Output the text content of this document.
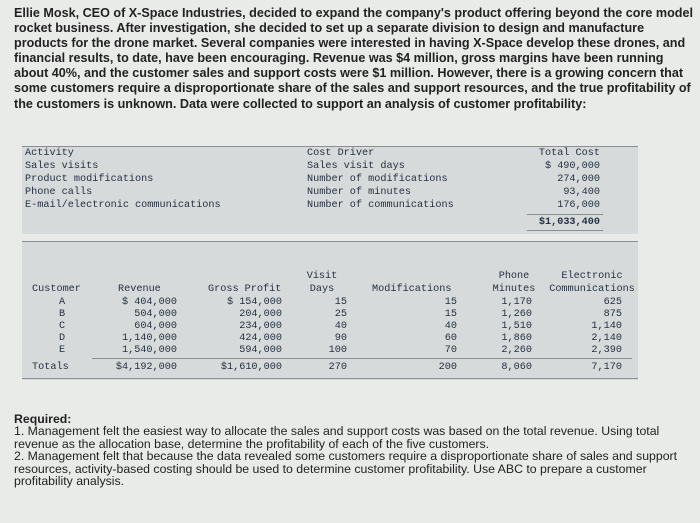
Ellie Mosk, CEO of X-Space Industries, decided to expand the company's product offering beyond the core model rocket business. After investigation, she decided to set up a separate division to design and manufacture products for the drone market. Several companies were interested in having X-Space develop these drones, and financial results, to date, have been encouraging. Revenue was $4 million, gross margins have been running about 40%, and the customer sales and support costs were $1 million. However, there is a growing concern that some customers require a disproportionate share of the sales and support resources, and the true profitability of the customers is unknown. Data were collected to support an analysis of customer profitability:
Activity	Cost Driver	Total Cost
Sales visits	Sales visit days	$ 490,000
Product modifications	Number of modifications	274,000
Phone calls	Number of minutes	93,400
E-mail/electronic communications	Number of communications	176,000
$1,033,400
Visit	Phone	Electronic
Customer	Revenue	Gross Profit	Days	Modifications	Minutes	Communications
A	$ 404,000	$ 154,000	15	15	1,170	625
B	504,000	204,000	25	15	1,260	875
C	604,000	234,000	40	40	1,510	1,140
D	1,140,000	424,000	90	60	1,860	2,140
E	1,540,000	594,000	100	70	2,260	2,390
Totals	$4,192,000	$1,610,000	270	200	8,060	7,170
Required:
1. Management felt the easiest way to allocate the sales and support costs was based on the total revenue. Using total revenue as the allocation base, determine the profitability of each of the five customers.
2. Management felt that because the data revealed some customers require a disproportionate share of sales and support resources, activity-based costing should be used to determine customer profitability. Use ABC to prepare a customer profitability analysis.
